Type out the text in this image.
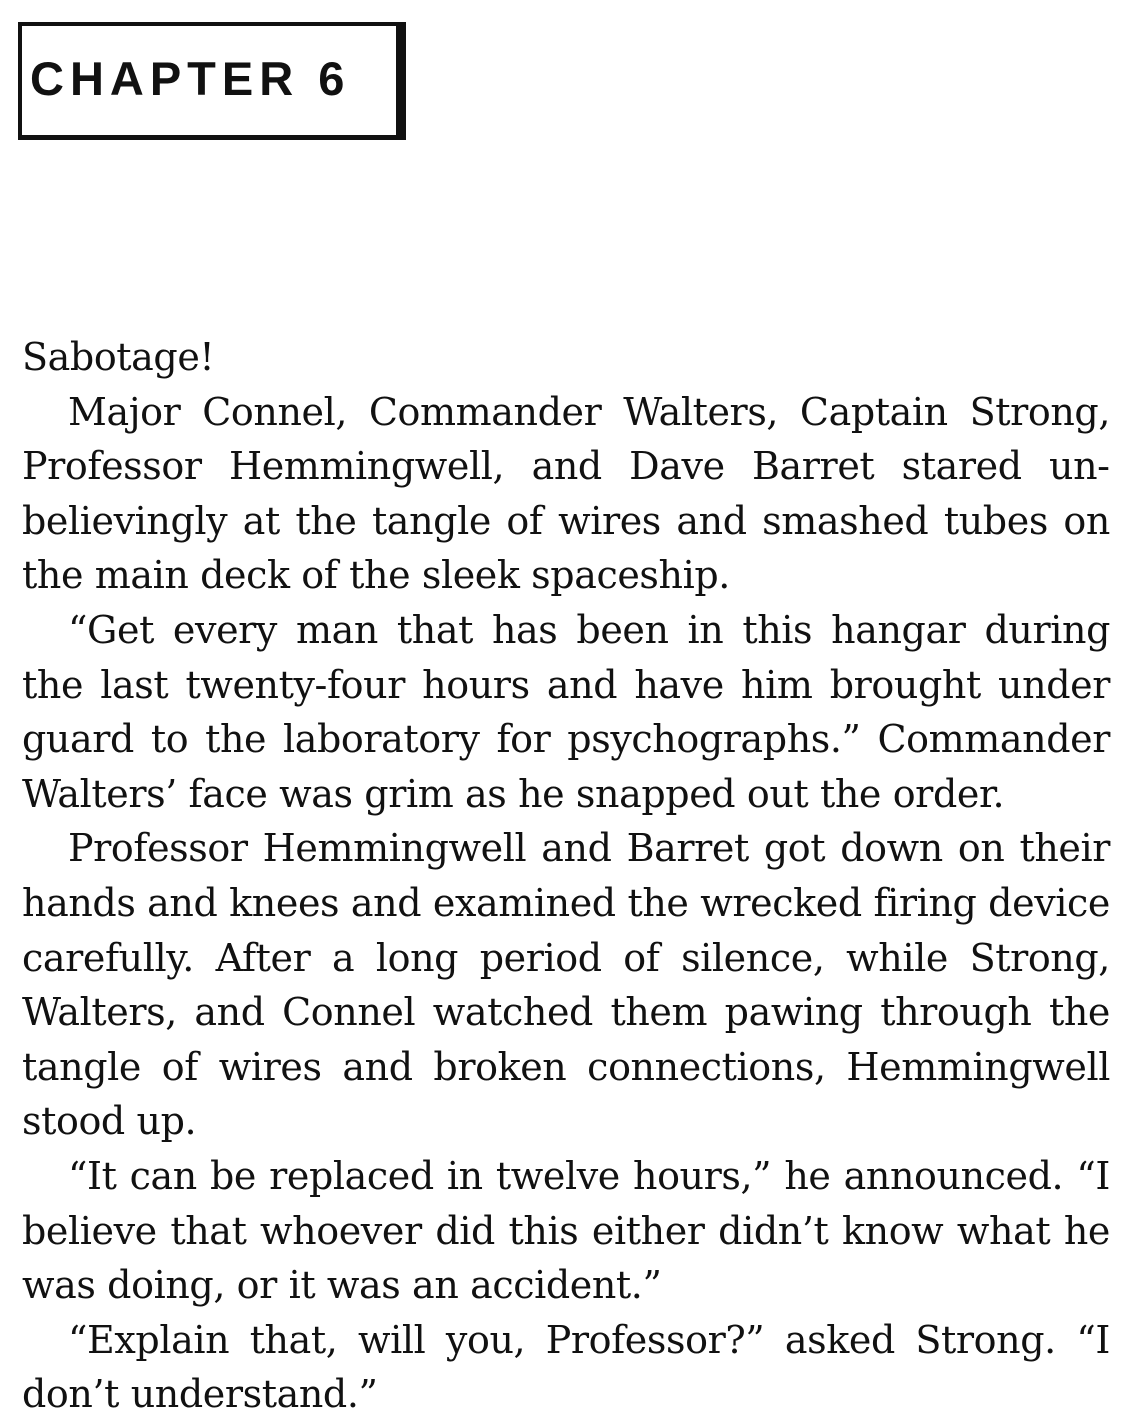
CHAPTER 6

Sabotage!

Major Connel, Commander Walters, Captain Strong, Professor Hemmingwell, and Dave Barret stared unbelievingly at the tangle of wires and smashed tubes on the main deck of the sleek spaceship.

“Get every man that has been in this hangar during the last twenty-four hours and have him brought under guard to the laboratory for psychographs.” Commander Walters’ face was grim as he snapped out the order.

Professor Hemmingwell and Barret got down on their hands and knees and examined the wrecked firing device carefully. After a long period of silence, while Strong, Walters, and Connel watched them pawing through the tangle of wires and broken connections, Hemmingwell stood up.

“It can be replaced in twelve hours,” he announced. “I believe that whoever did this either didn’t know what he was doing, or it was an accident.”

“Explain that, will you, Professor?” asked Strong. “I don’t understand.”
